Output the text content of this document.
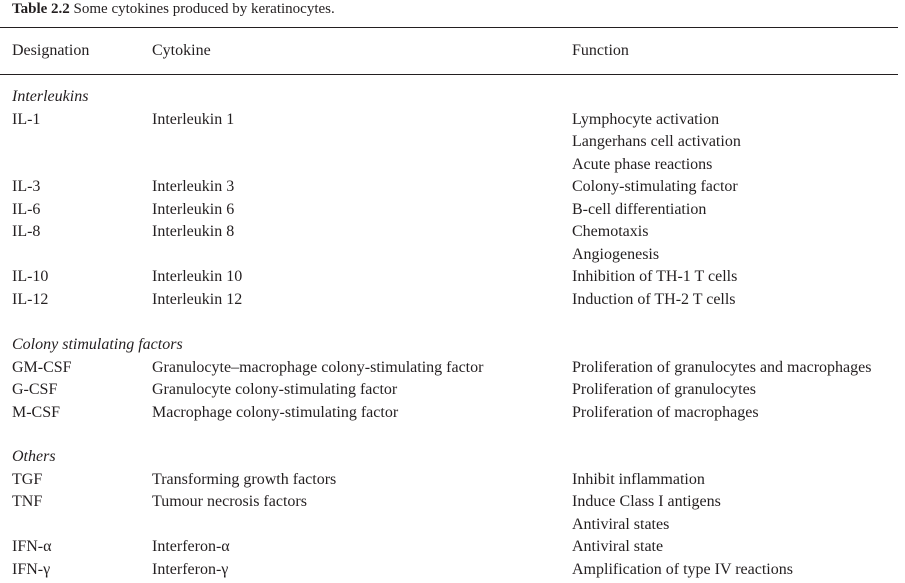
Table 2.2 Some cytokines produced by keratinocytes.
Designation	Cytokine	Function
Interleukins
IL-1	Interleukin 1	Lymphocyte activation
Langerhans cell activation
Acute phase reactions
IL-3	Interleukin 3	Colony-stimulating factor
IL-6	Interleukin 6	B-cell differentiation
IL-8	Interleukin 8	Chemotaxis
Angiogenesis
IL-10	Interleukin 10	Inhibition of TH-1 T cells
IL-12	Interleukin 12	Induction of TH-2 T cells
Colony stimulating factors
GM-CSF	Granulocyte–macrophage colony-stimulating factor	Proliferation of granulocytes and macrophages
G-CSF	Granulocyte colony-stimulating factor	Proliferation of granulocytes
M-CSF	Macrophage colony-stimulating factor	Proliferation of macrophages
Others
TGF	Transforming growth factors	Inhibit inflammation
TNF	Tumour necrosis factors	Induce Class I antigens
Antiviral states
IFN-α	Interferon-α	Antiviral state
IFN-γ	Interferon-γ	Amplification of type IV reactions
